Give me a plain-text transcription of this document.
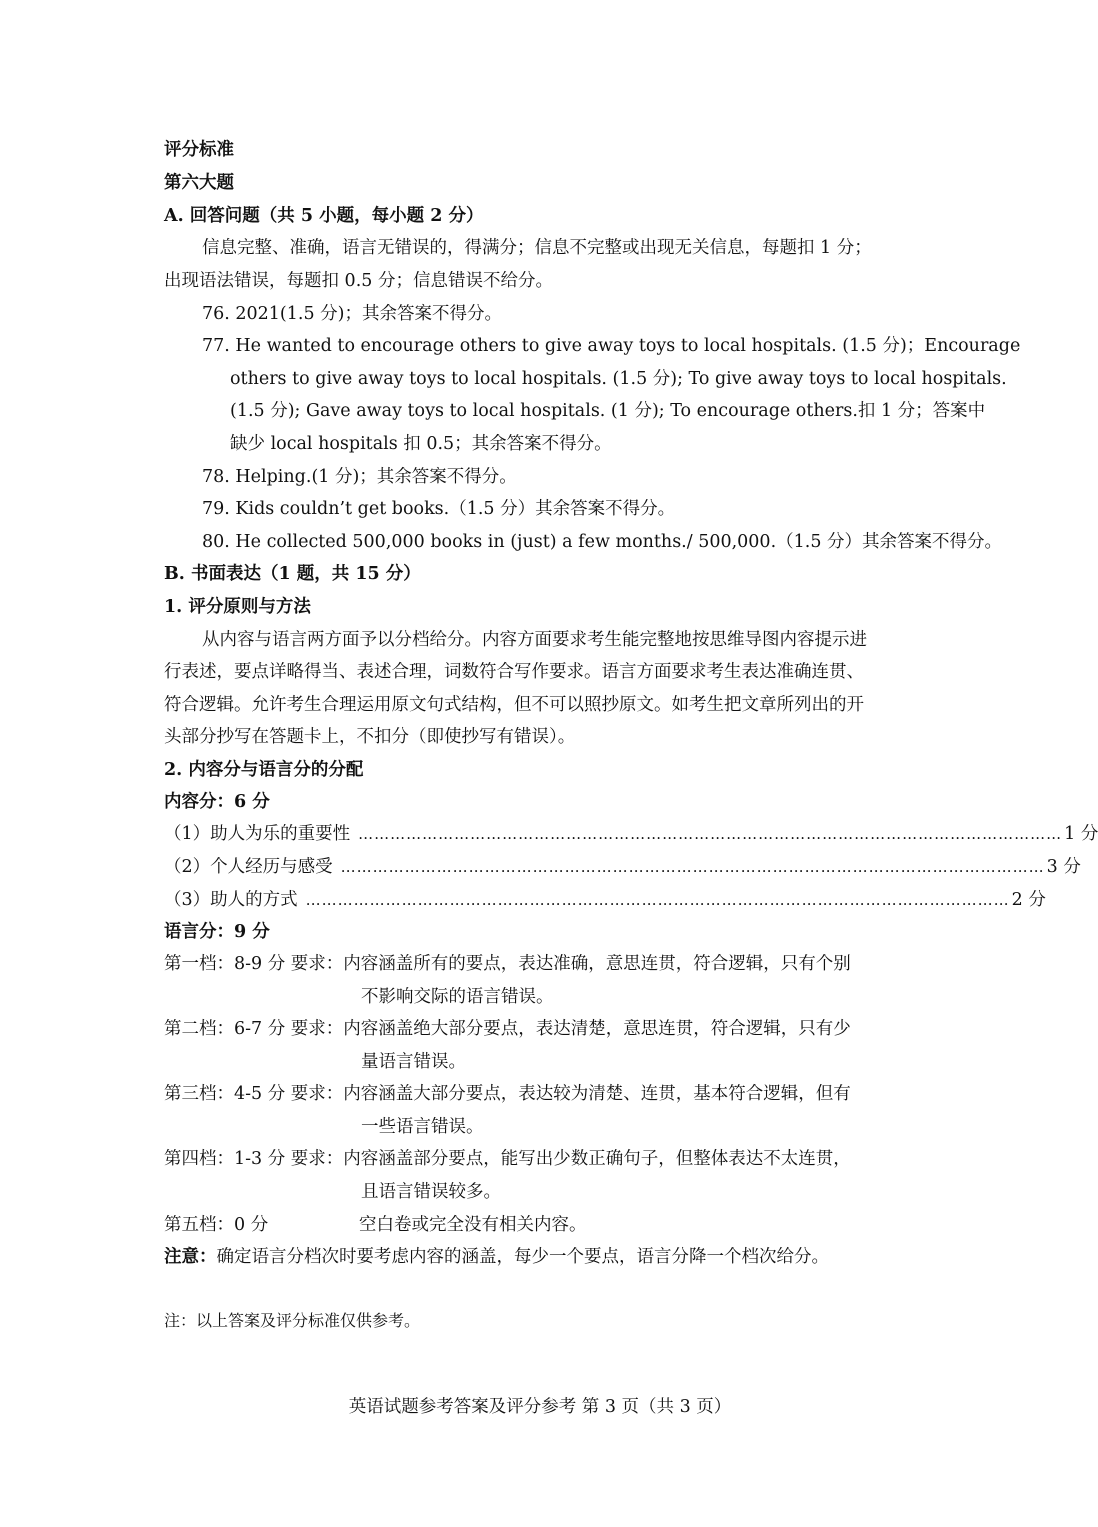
评分标准
第六大题
A. 回答问题（共 5 小题，每小题 2 分）
信息完整、准确，语言无错误的，得满分；信息不完整或出现无关信息，每题扣 1 分；
出现语法错误，每题扣 0.5 分；信息错误不给分。
76. 2021(1.5 分)；其余答案不得分。
77. He wanted to encourage others to give away toys to local hospitals. (1.5 分)；Encourage
others to give away toys to local hospitals. (1.5 分); To give away toys to local hospitals.
(1.5 分); Gave away toys to local hospitals. (1 分); To encourage others.扣 1 分；答案中
缺少 local hospitals 扣 0.5；其余答案不得分。
78. Helping.(1 分)；其余答案不得分。
79. Kids couldn’t get books.（1.5 分）其余答案不得分。
80. He collected 500,000 books in (just) a few months./ 500,000.（1.5 分）其余答案不得分。
B. 书面表达（1 题，共 15 分）
1. 评分原则与方法
从内容与语言两方面予以分档给分。内容方面要求考生能完整地按思维导图内容提示进
行表述，要点详略得当、表述合理，词数符合写作要求。语言方面要求考生表达准确连贯、
符合逻辑。允许考生合理运用原文句式结构，但不可以照抄原文。如考生把文章所列出的开
头部分抄写在答题卡上，不扣分（即使抄写有错误）。
2. 内容分与语言分的分配
内容分：6 分
（1）助人为乐的重要性 …………………………………………………………………………………………………………………… 1 分
（2）个人经历与感受 …………………………………………………………………………………………………………………… 3 分
（3）助人的方式 …………………………………………………………………………………………………………………… 2 分
语言分：9 分
第一档：8-9 分 要求：内容涵盖所有的要点，表达准确，意思连贯，符合逻辑，只有个别
不影响交际的语言错误。
第二档：6-7 分 要求：内容涵盖绝大部分要点，表达清楚，意思连贯，符合逻辑，只有少
量语言错误。
第三档：4-5 分 要求：内容涵盖大部分要点，表达较为清楚、连贯，基本符合逻辑，但有
一些语言错误。
第四档：1-3 分 要求：内容涵盖部分要点，能写出少数正确句子，但整体表达不太连贯，
且语言错误较多。
第五档：0 分	空白卷或完全没有相关内容。
注意：确定语言分档次时要考虑内容的涵盖，每少一个要点，语言分降一个档次给分。
注：以上答案及评分标准仅供参考。
英语试题参考答案及评分参考 第 3 页（共 3 页）
